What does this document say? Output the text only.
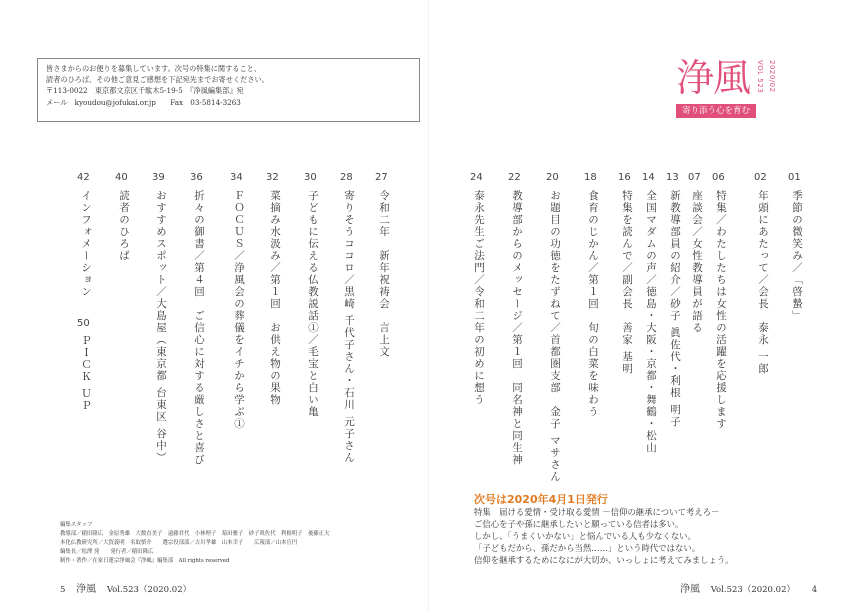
皆さまからのお便りを募集しています。次号の特集に関すること、
読者のひろば、その他ご意見ご感想を下記宛先までお寄せください。
〒113-0022　東京都文京区千駄木5-19-5　『浄風編集部』宛
メール　kyoudou@jofukai.or.jp　　Fax　03-5814-3263
浄風 VOL 523 2020/02
寄り添う心を育む
01
02
06
07
13
14
16
18
20
22
24
27
28
30
32
34
36
39
40
42
季節の微笑み／「啓蟄」
年頭にあたって／会長　泰永 一郎
特集／わたしたちは女性の活躍を応援します
座談会／女性教導員が語る
新教導部員の紹介／砂子 眞佐代・利根 明子
全国マダムの声／徳島・大阪・京都・舞鶴・松山
特集を読んで／副会長　善家 基明
食育のじかん／第１回　旬の白菜を味わう
お題目の功徳をたずねて／首都圏支部　金子 マサさん
教導部からのメッセージ／第１回　同名神と同生神
泰永先生ご法門／令和二年の初めに想う
令和二年　新年祝祷会　言上文
寄りそうココロ／黒崎 千代子さん・石川 元子さん
子どもに伝える仏教説話①／毛宝と白い亀
菜摘み水汲み／第１回　お供え物の果物
ＦＯＣＵＳ／浄風会の葬儀をイチから学ぶ①
折々の御書／第４回　ご信心に対する厳しさと喜び
おすすめスポット／大島屋（東京都 台東区 谷中）
読者のひろば
インフォメーション
50
ＰＩＣＫ ＵＰ
次号は2020年4月1日発行
特集　届ける愛情・受け取る愛情 －信仰の継承について考えろ－
ご信心を子や孫に継承したいと願っている信者は多い。
しかし、「うまくいかない」と悩んでいる人も少なくない。
「子どもだから、孫だから当然……」という時代ではない。
信仰を継承するためになにが大切か、いっしょに考えてみましょう。
編集スタッフ
教導部／稲田隆広　金原秀雄　大数直美子　遠藤君代　小林理子　菊田雅子　砂子眞佐代　利根明子　後藤正夫
本化仏教研究所／大賀義明　名取慎介　　選宗役部部／吉川孝雄　山本幸子　　広報部／山本宣円
編集長／松澤 発　　発行者／稲田隆広
制作・著作／在家日蓮宗浄風会『浄風』編集部　All rights reserved
5 浄風 Vol.523（2020.02）	浄風 Vol.523（2020.02） 4
